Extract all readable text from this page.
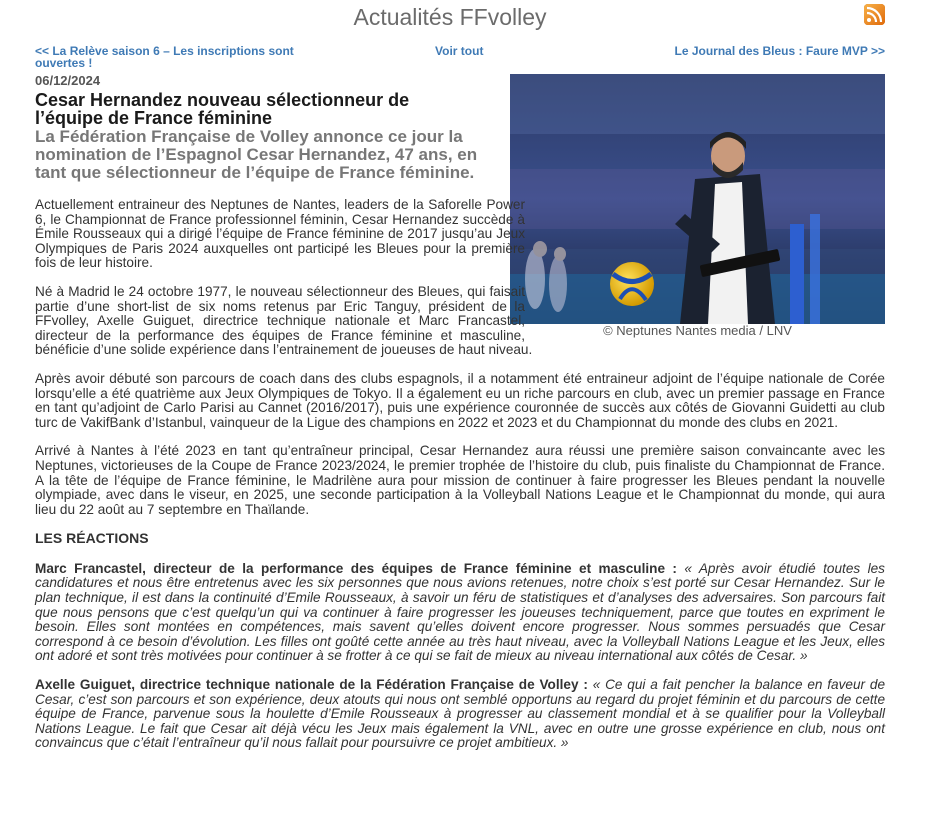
Actualités FFvolley
<< La Relève saison 6 – Les inscriptions sont ouvertes !
Voir tout	Le Journal des Bleus : Faure MVP >>
06/12/2024
Cesar Hernandez nouveau sélectionneur de l’équipe de France féminine

La Fédération Française de Volley annonce ce jour la nomination de l’Espagnol Cesar Hernandez, 47 ans, en tant que sélectionneur de l’équipe de France féminine.

© Neptunes Nantes media / LNV

Actuellement entraineur des Neptunes de Nantes, leaders de la Saforelle Power 6, le Championnat de France professionnel féminin, Cesar Hernandez succède à Émile Rousseaux qui a dirigé l’équipe de France féminine de 2017 jusqu’au Jeux Olympiques de Paris 2024 auxquelles ont participé les Bleues pour la première fois de leur histoire.

Né à Madrid le 24 octobre 1977, le nouveau sélectionneur des Bleues, qui faisait partie d’une short-list de six noms retenus par Eric Tanguy, président de la FFvolley, Axelle Guiguet, directrice technique nationale et Marc Francastel, directeur de la performance des équipes de France féminine et masculine, bénéficie d’une solide expérience dans l’entrainement de joueuses de haut niveau.

Après avoir débuté son parcours de coach dans des clubs espagnols, il a notamment été entraineur adjoint de l’équipe nationale de Corée lorsqu’elle a été quatrième aux Jeux Olympiques de Tokyo. Il a également eu un riche parcours en club, avec un premier passage en France en tant qu’adjoint de Carlo Parisi au Cannet (2016/2017), puis une expérience couronnée de succès aux côtés de Giovanni Guidetti au club turc de VakifBank d’Istanbul, vainqueur de la Ligue des champions en 2022 et 2023 et du Championnat du monde des clubs en 2021.

Arrivé à Nantes à l’été 2023 en tant qu’entraîneur principal, Cesar Hernandez aura réussi une première saison convaincante avec les Neptunes, victorieuses de la Coupe de France 2023/2024, le premier trophée de l’histoire du club, puis finaliste du Championnat de France. A la tête de l’équipe de France féminine, le Madrilène aura pour mission de continuer à faire progresser les Bleues pendant la nouvelle olympiade, avec dans le viseur, en 2025, une seconde participation à la Volleyball Nations League et le Championnat du monde, qui aura lieu du 22 août au 7 septembre en Thaïlande.

LES RÉACTIONS

Marc Francastel, directeur de la performance des équipes de France féminine et masculine : « Après avoir étudié toutes les candidatures et nous être entretenus avec les six personnes que nous avions retenues, notre choix s’est porté sur Cesar Hernandez. Sur le plan technique, il est dans la continuité d’Emile Rousseaux, à savoir un féru de statistiques et d’analyses des adversaires. Son parcours fait que nous pensons que c’est quelqu’un qui va continuer à faire progresser les joueuses techniquement, parce que toutes en expriment le besoin. Elles sont montées en compétences, mais savent qu’elles doivent encore progresser. Nous sommes persuadés que Cesar correspond à ce besoin d’évolution. Les filles ont goûté cette année au très haut niveau, avec la Volleyball Nations League et les Jeux, elles ont adoré et sont très motivées pour continuer à se frotter à ce qui se fait de mieux au niveau international aux côtés de Cesar. »

Axelle Guiguet, directrice technique nationale de la Fédération Française de Volley : « Ce qui a fait pencher la balance en faveur de Cesar, c’est son parcours et son expérience, deux atouts qui nous ont semblé opportuns au regard du projet féminin et du parcours de cette équipe de France, parvenue sous la houlette d’Emile Rousseaux à progresser au classement mondial et à se qualifier pour la Volleyball Nations League. Le fait que Cesar ait déjà vécu les Jeux mais également la VNL, avec en outre une grosse expérience en club, nous ont convaincus que c’était l’entraîneur qu’il nous fallait pour poursuivre ce projet ambitieux. »
